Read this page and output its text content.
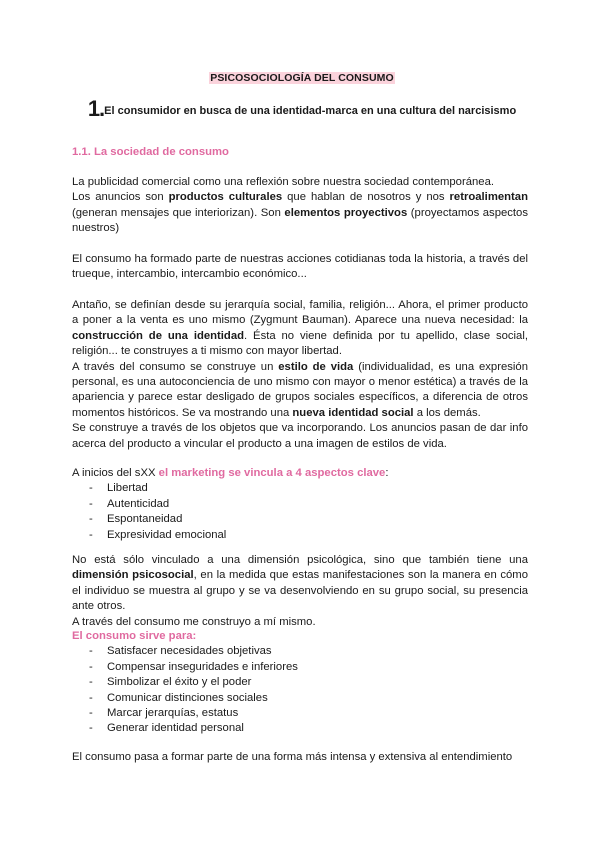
PSICOSOCIOLOGÍA DEL CONSUMO
1.El consumidor en busca de una identidad-marca en una cultura del narcisismo
1.1. La sociedad de consumo
La publicidad comercial como una reflexión sobre nuestra sociedad contemporánea.
Los anuncios son productos culturales que hablan de nosotros y nos retroalimentan (generan mensajes que interiorizan). Son elementos proyectivos (proyectamos aspectos nuestros)
El consumo ha formado parte de nuestras acciones cotidianas toda la historia, a través del trueque, intercambio, intercambio económico...
Antaño, se definían desde su jerarquía social, familia, religión... Ahora, el primer producto a poner a la venta es uno mismo (Zygmunt Bauman). Aparece una nueva necesidad: la construcción de una identidad. Ésta no viene definida por tu apellido, clase social, religión... te construyes a ti mismo con mayor libertad.
A través del consumo se construye un estilo de vida (individualidad, es una expresión personal, es una autoconciencia de uno mismo con mayor o menor estética) a través de la apariencia y parece estar desligado de grupos sociales específicos, a diferencia de otros momentos históricos. Se va mostrando una nueva identidad social a los demás.
Se construye a través de los objetos que va incorporando. Los anuncios pasan de dar info acerca del producto a vincular el producto a una imagen de estilos de vida.
A inicios del sXX el marketing se vincula a 4 aspectos clave:
- Libertad
- Autenticidad
- Espontaneidad
- Expresividad emocional
No está sólo vinculado a una dimensión psicológica, sino que también tiene una dimensión psicosocial, en la medida que estas manifestaciones son la manera en cómo el individuo se muestra al grupo y se va desenvolviendo en su grupo social, su presencia ante otros.
A través del consumo me construyo a mí mismo.
El consumo sirve para:
- Satisfacer necesidades objetivas
- Compensar inseguridades e inferiores
- Simbolizar el éxito y el poder
- Comunicar distinciones sociales
- Marcar jerarquías, estatus
- Generar identidad personal
El consumo pasa a formar parte de una forma más intensa y extensiva al entendimiento
